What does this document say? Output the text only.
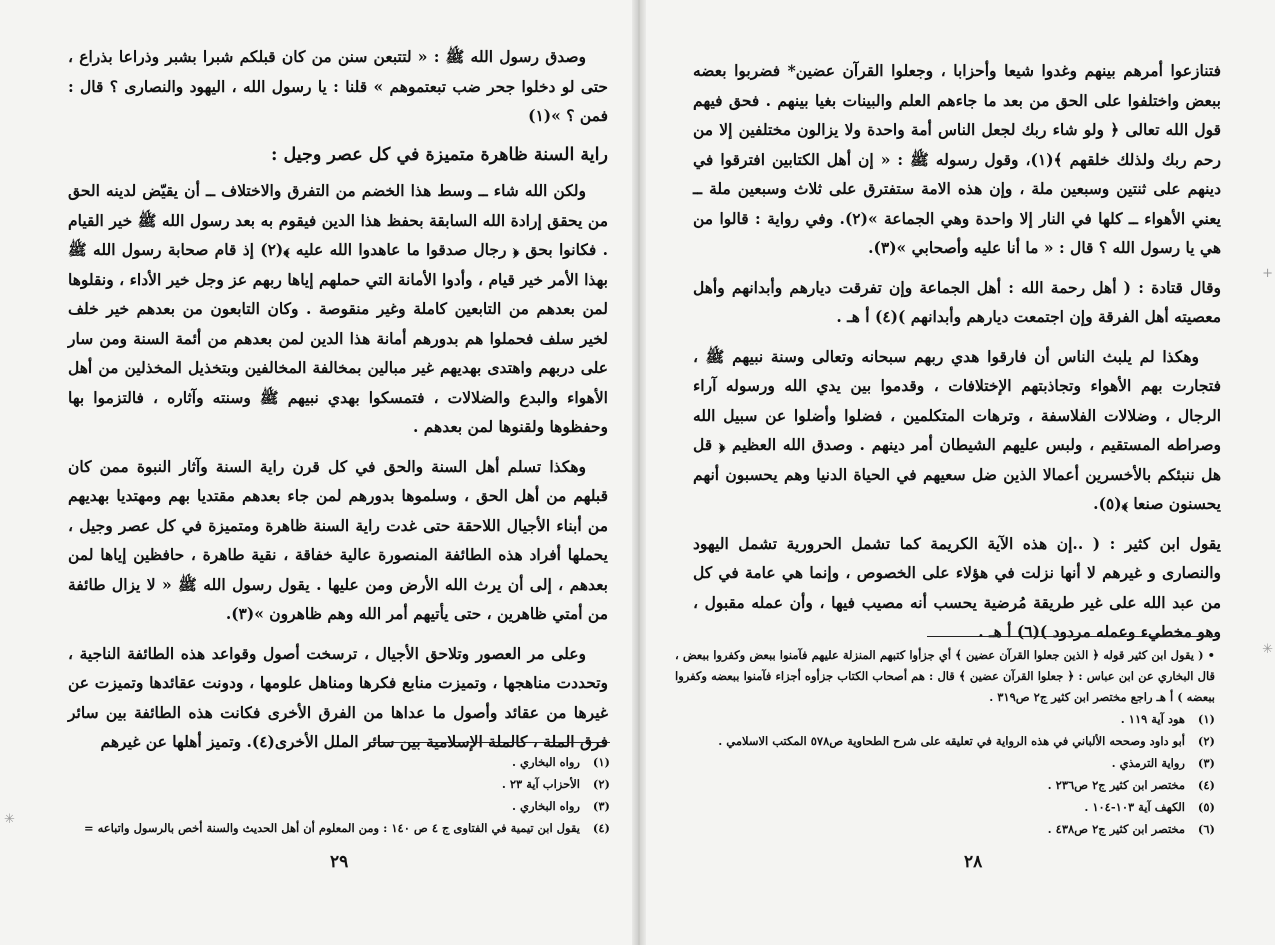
وصدق رسول الله ﷺ : « لتتبعن سنن من كان قبلكم شبرا بشبر وذراعا بذراع ، حتى لو دخلوا جحر ضب تبعتموهم » قلنا : يا رسول الله ، اليهود والنصارى ؟ قال : فمن ؟ »(١)

راية السنة ظاهرة متميزة في كل عصر وجيل :

ولكن الله شاء ــ وسط هذا الخضم من التفرق والاختلاف ــ أن يقيّض لدينه الحق من يحقق إرادة الله السابقة بحفظ هذا الدين فيقوم به بعد رسول الله ﷺ خير القيام . فكانوا بحق ﴿ رجال صدقوا ما عاهدوا الله عليه ﴾(٢) إذ قام صحابة رسول الله ﷺ بهذا الأمر خير قيام ، وأدوا الأمانة التي حملهم إياها ربهم عز وجل خير الأداء ، ونقلوها لمن بعدهم من التابعين كاملة وغير منقوصة . وكان التابعون من بعدهم خير خلف لخير سلف فحملوا هم بدورهم أمانة هذا الدين لمن بعدهم من أئمة السنة ومن سار على دربهم واهتدى بهديهم غير مبالين بمخالفة المخالفين وبتخذيل المخذلين من أهل الأهواء والبدع والضلالات ، فتمسكوا بهدي نبيهم ﷺ وسنته وآثاره ، فالتزموا بها وحفظوها ولقنوها لمن بعدهم .

وهكذا تسلم أهل السنة والحق في كل قرن راية السنة وآثار النبوة ممن كان قبلهم من أهل الحق ، وسلموها بدورهم لمن جاء بعدهم مقتديا بهم ومهتديا بهديهم من أبناء الأجيال اللاحقة حتى غدت راية السنة ظاهرة ومتميزة في كل عصر وجيل ، يحملها أفراد هذه الطائفة المنصورة عالية خفاقة ، نقية طاهرة ، حافظين إياها لمن بعدهم ، إلى أن يرث الله الأرض ومن عليها . يقول رسول الله ﷺ « لا يزال طائفة من أمتي ظاهرين ، حتى يأتيهم أمر الله وهم ظاهرون »(٣).

وعلى مر العصور وتلاحق الأجيال ، ترسخت أصول وقواعد هذه الطائفة الناجية ، وتحددت مناهجها ، وتميزت منابع فكرها ومناهل علومها ، ودونت عقائدها وتميزت عن غيرها من عقائد وأصول ما عداها من الفرق الأخرى فكانت هذه الطائفة بين سائر فرق الملة ، كالملة الإسلامية بين سائر الملل الأخرى(٤). وتميز أهلها عن غيرهم

(١)رواه البخاري .
(٢)الأحزاب آية ٢٣ .
(٣)رواه البخاري .
(٤)يقول ابن تيمية في الفتاوى ج ٤ ص ١٤٠ : ومن المعلوم أن أهل الحديث والسنة أخص بالرسول واتباعه =
٢٩
✳

فتنازعوا أمرهم بينهم وغدوا شيعا وأحزابا ، وجعلوا القرآن عضين* فضربوا بعضه ببعض واختلفوا على الحق من بعد ما جاءهم العلم والبينات بغيا بينهم . فحق فيهم قول الله تعالى ﴿ ولو شاء ربك لجعل الناس أمة واحدة ولا يزالون مختلفين إلا من رحم ربك ولذلك خلقهم ﴾(١)، وقول رسوله ﷺ : « إن أهل الكتابين افترقوا في دينهم على ثنتين وسبعين ملة ، وإن هذه الامة ستفترق على ثلاث وسبعين ملة ــ يعني الأهواء ــ كلها في النار إلا واحدة وهي الجماعة »(٢). وفي رواية : قالوا من هي يا رسول الله ؟ قال : « ما أنا عليه وأصحابي »(٣).

وقال قتادة : ( أهل رحمة الله : أهل الجماعة وإن تفرقت ديارهم وأبدانهم وأهل معصيته أهل الفرقة وإن اجتمعت ديارهم وأبدانهم )(٤) أ هـ .

وهكذا لم يلبث الناس أن فارقوا هدي ربهم سبحانه وتعالى وسنة نبيهم ﷺ ، فتجارت بهم الأهواء وتجاذبتهم الإختلافات ، وقدموا بين يدي الله ورسوله آراء الرجال ، وضلالات الفلاسفة ، وترهات المتكلمين ، فضلوا وأضلوا عن سبيل الله وصراطه المستقيم ، ولبس عليهم الشيطان أمر دينهم . وصدق الله العظيم ﴿ قل هل ننبئكم بالأخسرين أعمالا الذين ضل سعيهم في الحياة الدنيا وهم يحسبون أنهم يحسنون صنعا ﴾(٥).

يقول ابن كثير : ( ..إن هذه الآية الكريمة كما تشمل الحرورية تشمل اليهود والنصارى و غيرهم لا أنها نزلت في هؤلاء على الخصوص ، وإنما هي عامة في كل من عبد الله على غير طريقة مُرضية يحسب أنه مصيب فيها ، وأن عمله مقبول ، وهو مخطيء وعمله مردود )(٦) أ هـ .

• ( يقول ابن كثير قوله ﴿ الذين جعلوا القرآن عضين ﴾ أي جزأوا كتبهم المنزلة عليهم فآمنوا ببعض وكفروا ببعض ، قال البخاري عن ابن عباس : ﴿ جعلوا القرآن عضين ﴾ قال : هم أصحاب الكتاب جزأوه أجزاء فآمنوا ببعضه وكفروا ببعضه ) أ هـ راجع مختصر ابن كثير ج٢ ص٣١٩ .
(١)هود آية ١١٩ .
(٢)أبو داود وصححه الألباني في هذه الرواية في تعليقه على شرح الطحاوية ص٥٧٨ المكتب الاسلامي .
(٣)رواية الترمذي .
(٤)مختصر ابن كثير ج٢ ص٢٣٦ .
(٥)الكهف آية ١٠٣-١٠٤ .
(٦)مختصر ابن كثير ج٢ ص٤٣٨ .
٢٨
+
✳
